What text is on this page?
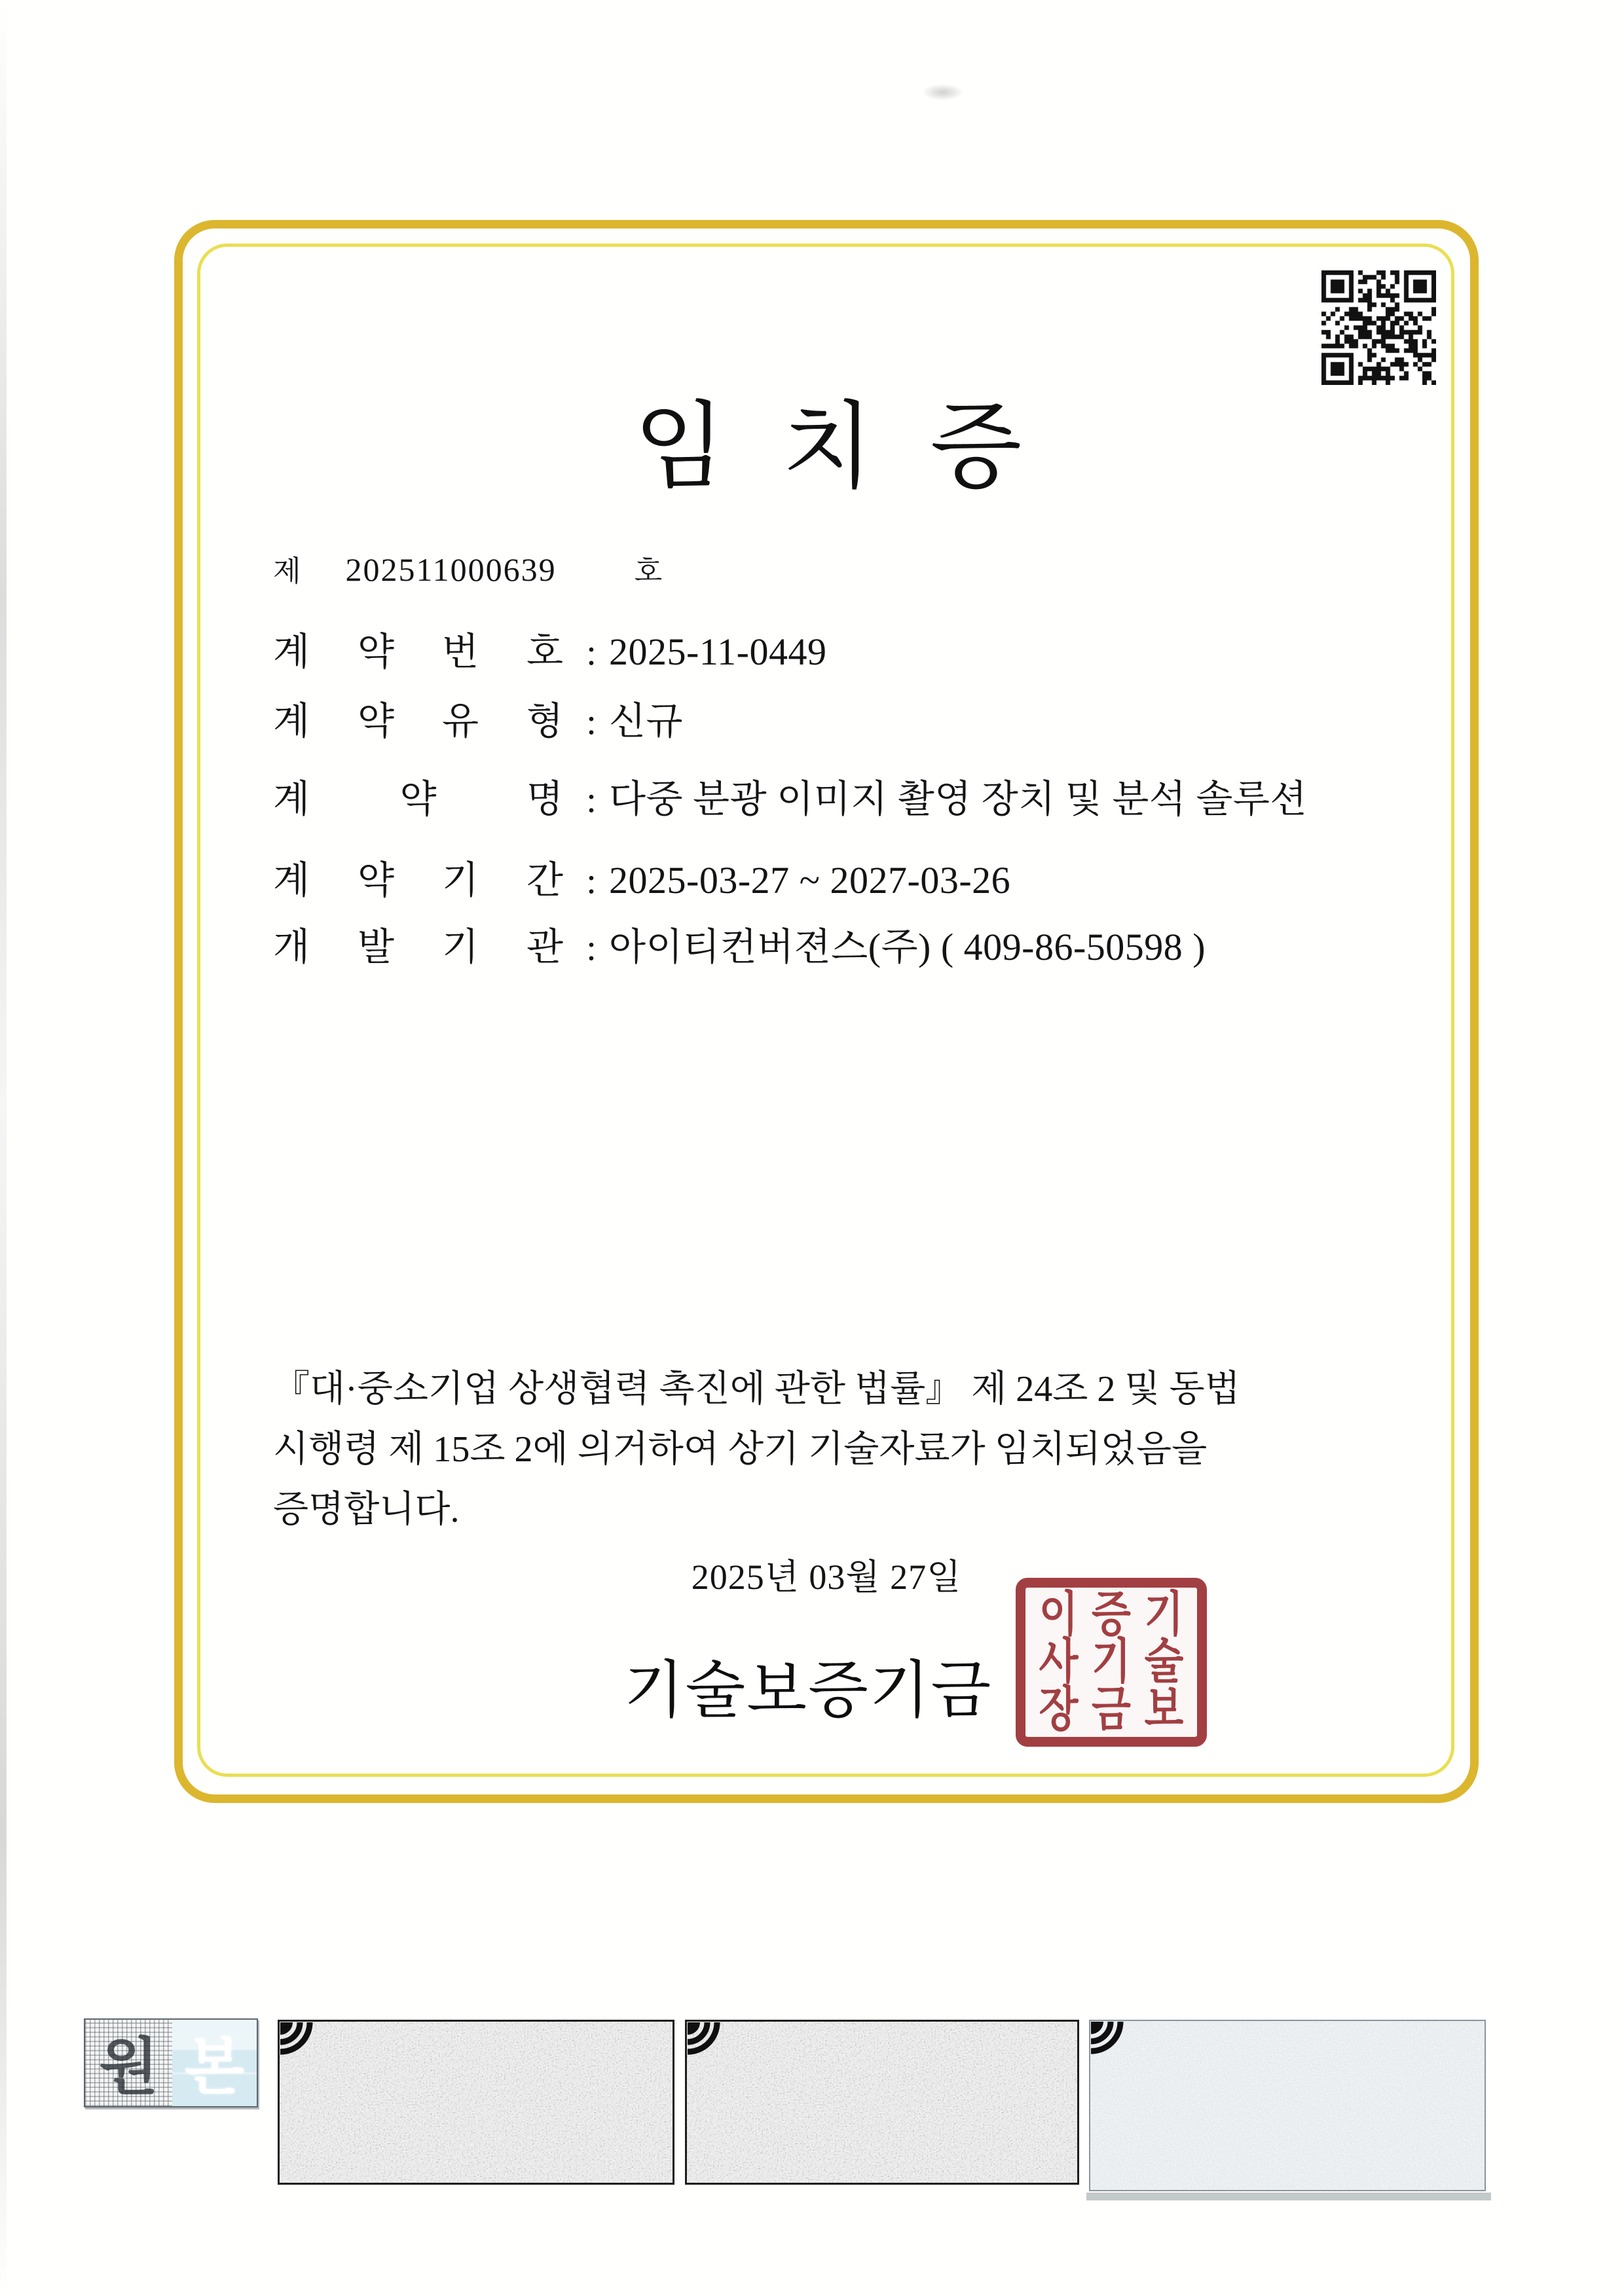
임 치 증
제 202511000639	호
계 약 번 호 : 2025-11-0449
계 약 유 형 : 신규
계 약 명 : 다중 분광 이미지 촬영 장치 및 분석 솔루션
계 약 기 간 : 2025-03-27 ~ 2027-03-26
개 발 기 관 : 아이티컨버젼스(주) ( 409-86-50598 )
『대·중소기업 상생협력 촉진에 관한 법률』 제 24조 2 및 동법
시행령 제 15조 2에 의거하여 상기 기술자료가 임치되었음을
증명합니다.
2025년 03월 27일
기술보증기금
이
사
장
증
기
금
기
술
보
원 본
